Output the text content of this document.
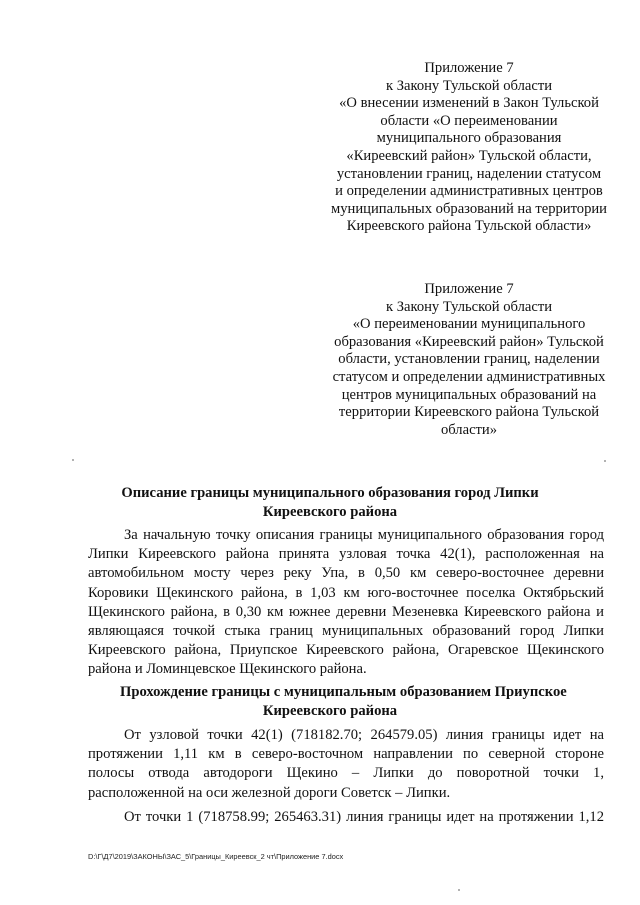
Приложение 7
к Закону Тульской области
«О внесении изменений в Закон Тульской
области «О переименовании
муниципального образования
«Киреевский район» Тульской области,
установлении границ, наделении статусом
и определении административных центров
муниципальных образований на территории
Киреевского района Тульской области»
Приложение 7
к Закону Тульской области
«О переименовании муниципального
образования «Киреевский район» Тульской
области, установлении границ, наделении
статусом и определении административных
центров муниципальных образований на
территории Киреевского района Тульской
области»
Описание границы муниципального образования город Липки
Киреевского района
За начальную точку описания границы муниципального образования город
Липки Киреевского района принята узловая точка 42(1), расположенная на
автомобильном мосту через реку Упа, в 0,50 км северо-восточнее деревни
Коровики Щекинского района, в 1,03 км юго-восточнее поселка Октябрьский
Щекинского района, в 0,30 км южнее деревни Мезеневка Киреевского района и
являющаяся точкой стыка границ муниципальных образований город Липки
Киреевского района, Приупское Киреевского района, Огаревское Щекинского
района и Ломинцевское Щекинского района.
Прохождение границы с муниципальным образованием Приупское
Киреевского района
От узловой точки 42(1) (718182.70; 264579.05) линия границы идет на
протяжении 1,11 км в северо-восточном направлении по северной стороне
полосы отвода автодороги Щекино – Липки до поворотной точки 1,
расположенной на оси железной дороги Советск – Липки.
От точки 1 (718758.99; 265463.31) линия границы идет на протяжении 1,12
D:\Г\Д7\2019\ЗАКОНЫ\ЗАС_5\Границы_Киреевск_2 чт\Приложение 7.docx
